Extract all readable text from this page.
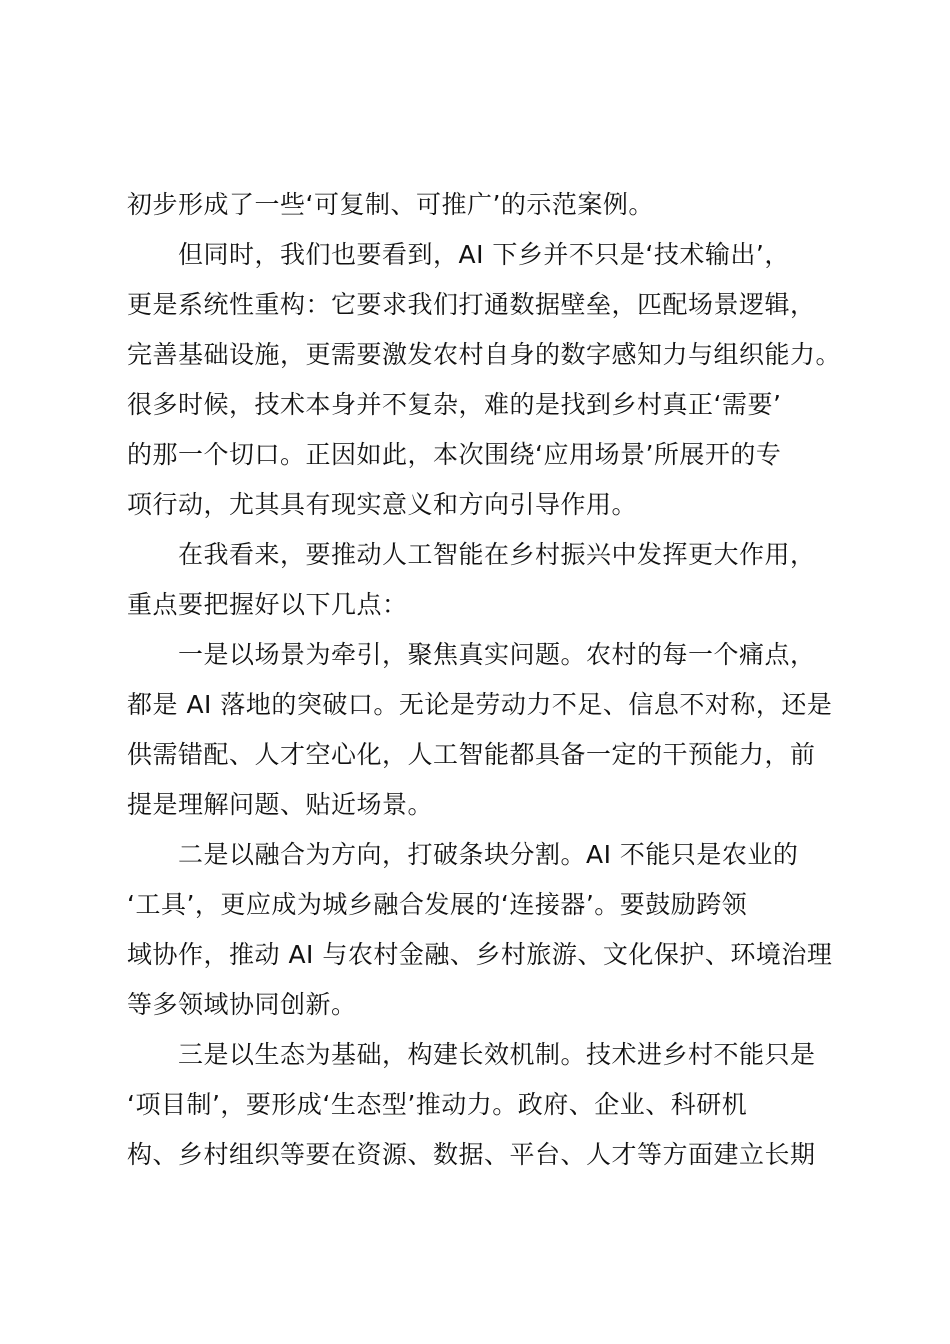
初步形成了一些‘可复制、可推广’的示范案例。
但同时，我们也要看到，AI 下乡并不只是‘技术输出’，
更是系统性重构：它要求我们打通数据壁垒，匹配场景逻辑，
完善基础设施，更需要激发农村自身的数字感知力与组织能力。
很多时候，技术本身并不复杂，难的是找到乡村真正‘需要’
的那一个切口。正因如此，本次围绕‘应用场景’所展开的专
项行动，尤其具有现实意义和方向引导作用。
在我看来，要推动人工智能在乡村振兴中发挥更大作用，
重点要把握好以下几点：
一是以场景为牵引，聚焦真实问题。农村的每一个痛点，
都是 AI 落地的突破口。无论是劳动力不足、信息不对称，还是
供需错配、人才空心化，人工智能都具备一定的干预能力，前
提是理解问题、贴近场景。
二是以融合为方向，打破条块分割。AI 不能只是农业的
‘工具’，更应成为城乡融合发展的‘连接器’。要鼓励跨领
域协作，推动 AI 与农村金融、乡村旅游、文化保护、环境治理
等多领域协同创新。
三是以生态为基础，构建长效机制。技术进乡村不能只是
‘项目制’，要形成‘生态型’推动力。政府、企业、科研机
构、乡村组织等要在资源、数据、平台、人才等方面建立长期
